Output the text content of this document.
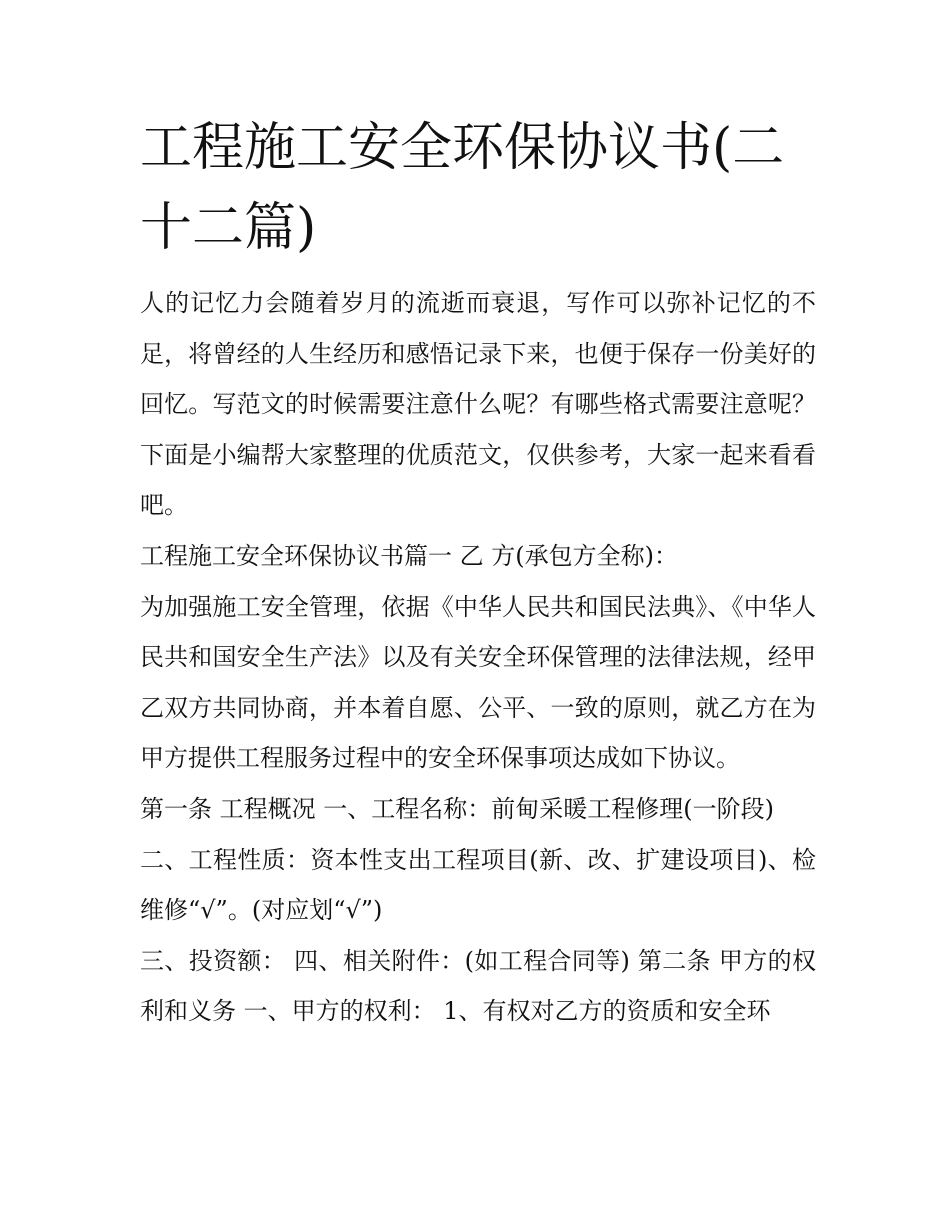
工程施工安全环保协议书(二十二篇)

人的记忆力会随着岁月的流逝而衰退，写作可以弥补记忆的不足，将曾经的人生经历和感悟记录下来，也便于保存一份美好的回忆。写范文的时候需要注意什么呢？有哪些格式需要注意呢？下面是小编帮大家整理的优质范文，仅供参考，大家一起来看看吧。

工程施工安全环保协议书篇一 乙 方(承包方全称)：

为加强施工安全管理，依据《中华人民共和国民法典》、《中华人民共和国安全生产法》以及有关安全环保管理的法律法规，经甲乙双方共同协商，并本着自愿、公平、一致的原则，就乙方在为甲方提供工程服务过程中的安全环保事项达成如下协议。

第一条 工程概况 一、工程名称：前甸采暖工程修理(一阶段)

二、工程性质：资本性支出工程项目(新、改、扩建设项目)、检维修“√”。(对应划“√”)

三、投资额： 四、相关附件：(如工程合同等) 第二条 甲方的权利和义务 一、甲方的权利： 1、有权对乙方的资质和安全环
